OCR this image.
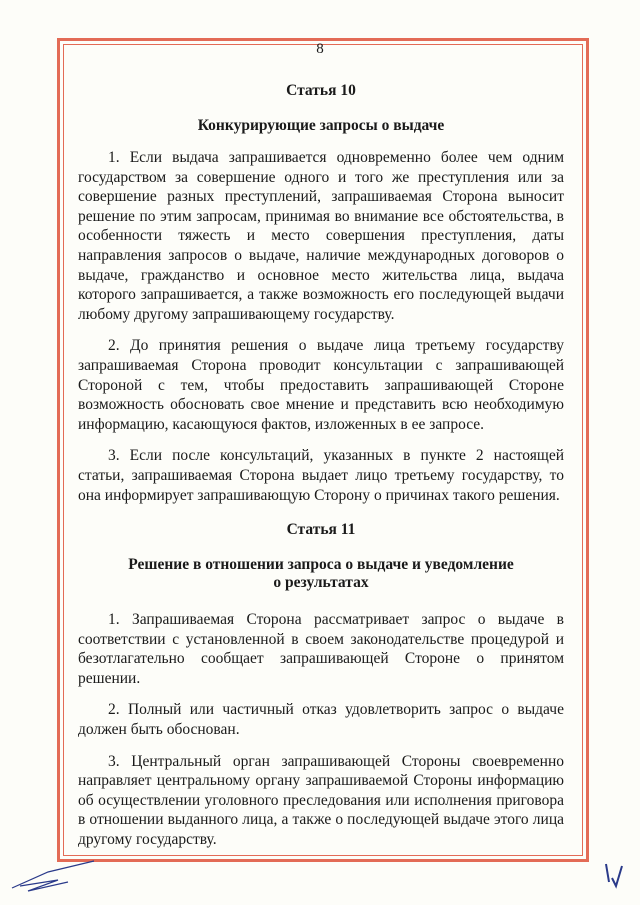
8

Статья 10

Конкурирующие запросы о выдаче

1. Если выдача запрашивается одновременно более чем одним государством за совершение одного и того же преступления или за совершение разных преступлений, запрашиваемая Сторона выносит решение по этим запросам, принимая во внимание все обстоятельства, в особенности тяжесть и место совершения преступления, даты направления запросов о выдаче, наличие международных договоров о выдаче, гражданство и основное место жительства лица, выдача которого запрашивается, а также возможность его последующей выдачи любому другому запрашивающему государству.

2. До принятия решения о выдаче лица третьему государству запрашиваемая Сторона проводит консультации с запрашивающей Стороной с тем, чтобы предоставить запрашивающей Стороне возможность обосновать свое мнение и представить всю необходимую информацию, касающуюся фактов, изложенных в ее запросе.

3. Если после консультаций, указанных в пункте 2 настоящей статьи, запрашиваемая Сторона выдает лицо третьему государству, то она информирует запрашивающую Сторону о причинах такого решения.

Статья 11

Решение в отношении запроса о выдаче и уведомление

о результатах

1. Запрашиваемая Сторона рассматривает запрос о выдаче в соответствии с установленной в своем законодательстве процедурой и безотлагательно сообщает запрашивающей Стороне о принятом решении.

2. Полный или частичный отказ удовлетворить запрос о выдаче должен быть обоснован.

3. Центральный орган запрашивающей Стороны своевременно направляет центральному органу запрашиваемой Стороны информацию об осуществлении уголовного преследования или исполнения приговора в отношении выданного лица, а также о последующей выдаче этого лица другому государству.
